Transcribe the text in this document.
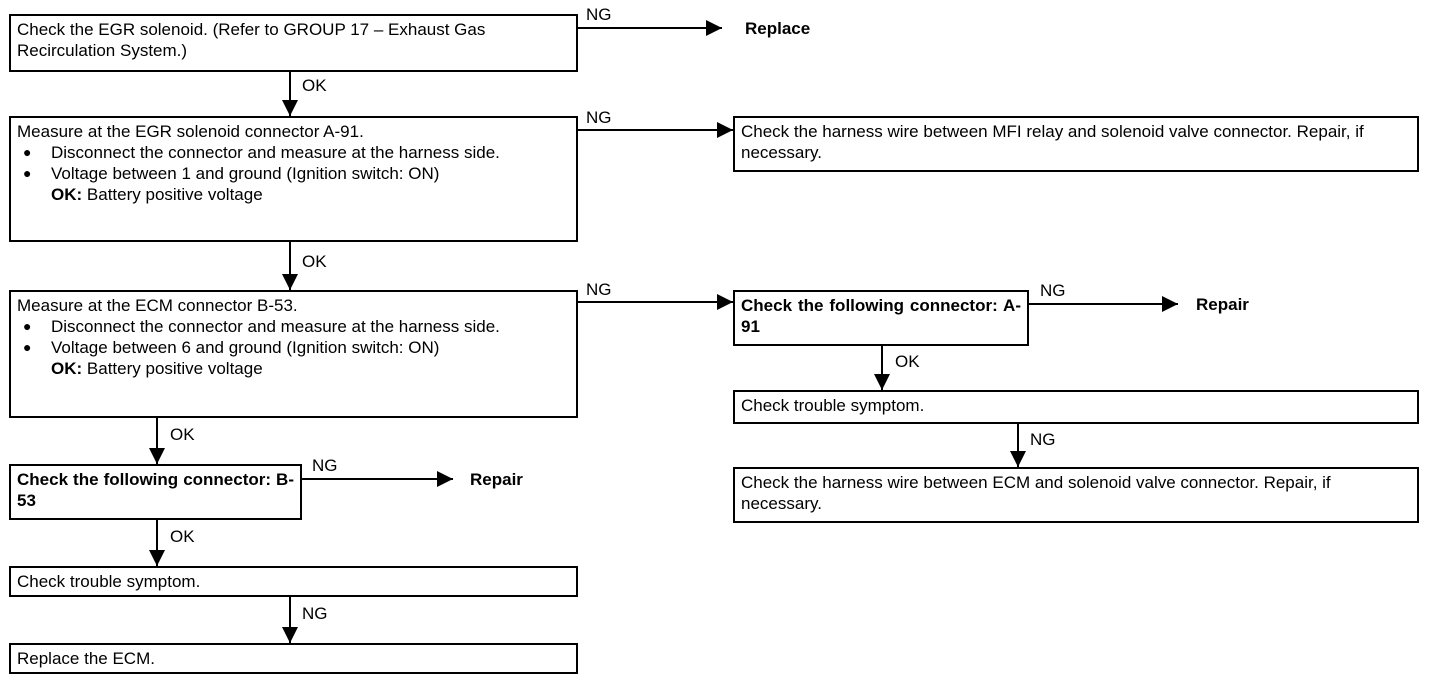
Check the EGR solenoid. (Refer to GROUP 17 – Exhaust Gas Recirculation System.)
NG
Replace
OK
Measure at the EGR solenoid connector A-91.
●	Disconnect the connector and measure at the harness side.
●	Voltage between 1 and ground (Ignition switch: ON)
OK: Battery positive voltage
NG
Check the harness wire between MFI relay and solenoid valve connector. Repair, if necessary.
OK
Measure at the ECM connector B-53.
●	Disconnect the connector and measure at the harness side.
●	Voltage between 6 and ground (Ignition switch: ON)
OK: Battery positive voltage
NG
OK
Check the following connector: A-91
NG
Repair
OK
Check trouble symptom.
NG
Check the harness wire between ECM and solenoid valve connector. Repair, if necessary.
Check the following connector: B-53
NG
Repair
OK
Check trouble symptom.
NG
Replace the ECM.
